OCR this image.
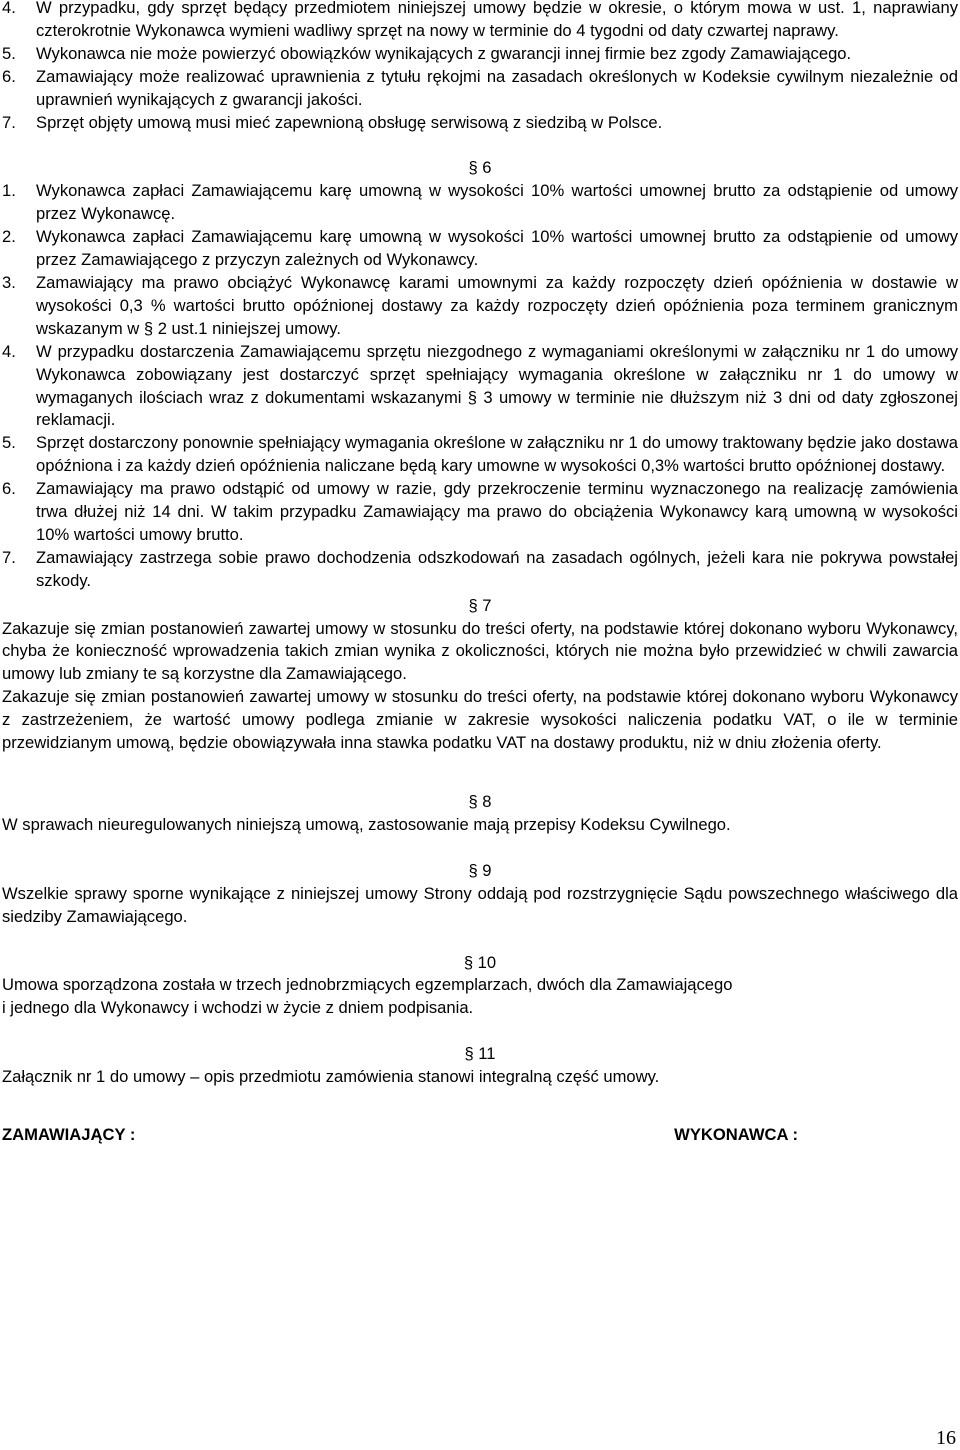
4.	W przypadku, gdy sprzęt będący przedmiotem niniejszej umowy będzie w okresie, o którym mowa w ust. 1, naprawiany czterokrotnie Wykonawca wymieni wadliwy sprzęt na nowy w terminie do 4 tygodni od daty czwartej naprawy.
5.	Wykonawca nie może powierzyć obowiązków wynikających z gwarancji innej firmie bez zgody Zamawiającego.
6.	Zamawiający może realizować uprawnienia z tytułu rękojmi na zasadach określonych w Kodeksie cywilnym niezależnie od uprawnień wynikających z gwarancji jakości.
7.	Sprzęt objęty umową musi mieć zapewnioną obsługę serwisową z siedzibą w Polsce.
§ 6
1.	Wykonawca zapłaci Zamawiającemu karę umowną w wysokości 10% wartości umownej brutto za odstąpienie od umowy przez Wykonawcę.
2.	Wykonawca zapłaci Zamawiającemu karę umowną w wysokości 10% wartości umownej brutto za odstąpienie od umowy przez Zamawiającego z przyczyn zależnych od Wykonawcy.
3.	Zamawiający ma prawo obciążyć Wykonawcę karami umownymi za każdy rozpoczęty dzień opóźnienia w dostawie w wysokości 0,3 % wartości brutto opóźnionej dostawy za każdy rozpoczęty dzień opóźnienia poza terminem granicznym wskazanym w § 2 ust.1 niniejszej umowy.
4.	W przypadku dostarczenia Zamawiającemu sprzętu niezgodnego z wymaganiami określonymi w załączniku nr 1 do umowy Wykonawca zobowiązany jest dostarczyć sprzęt spełniający wymagania określone w załączniku nr 1 do umowy w wymaganych ilościach wraz z dokumentami wskazanymi § 3 umowy w terminie nie dłuższym niż 3 dni od daty zgłoszonej reklamacji.
5.	Sprzęt dostarczony ponownie spełniający wymagania określone w załączniku nr 1 do umowy traktowany będzie jako dostawa opóźniona i za każdy dzień opóźnienia naliczane będą kary umowne w wysokości 0,3% wartości brutto opóźnionej dostawy.
6.	Zamawiający ma prawo odstąpić od umowy w razie, gdy przekroczenie terminu wyznaczonego na realizację zamówienia trwa dłużej niż 14 dni. W takim przypadku Zamawiający ma prawo do obciążenia Wykonawcy karą umowną w wysokości 10% wartości umowy brutto.
7.	Zamawiający zastrzega sobie prawo dochodzenia odszkodowań na zasadach ogólnych, jeżeli kara nie pokrywa powstałej szkody.
§ 7
Zakazuje się zmian postanowień zawartej umowy w stosunku do treści oferty, na podstawie której dokonano wyboru Wykonawcy, chyba że konieczność wprowadzenia takich zmian wynika z okoliczności, których nie można było przewidzieć w chwili zawarcia umowy lub zmiany te są korzystne dla Zamawiającego.
Zakazuje się zmian postanowień zawartej umowy w stosunku do treści oferty, na podstawie której dokonano wyboru Wykonawcy z zastrzeżeniem, że wartość umowy podlega zmianie w zakresie wysokości naliczenia podatku VAT, o ile w terminie przewidzianym umową, będzie obowiązywała inna stawka podatku VAT na dostawy produktu, niż w dniu złożenia oferty.
§ 8
W sprawach nieuregulowanych niniejszą umową, zastosowanie mają przepisy Kodeksu Cywilnego.
§ 9
Wszelkie sprawy sporne wynikające z niniejszej umowy Strony oddają pod rozstrzygnięcie Sądu powszechnego właściwego dla siedziby Zamawiającego.
§ 10
Umowa sporządzona została w trzech jednobrzmiących egzemplarzach, dwóch dla Zamawiającego
i jednego dla Wykonawcy i wchodzi w życie z dniem podpisania.
§ 11
Załącznik nr 1 do umowy – opis przedmiotu zamówienia stanowi integralną część umowy.
ZAMAWIAJĄCY :	WYKONAWCA :
16
